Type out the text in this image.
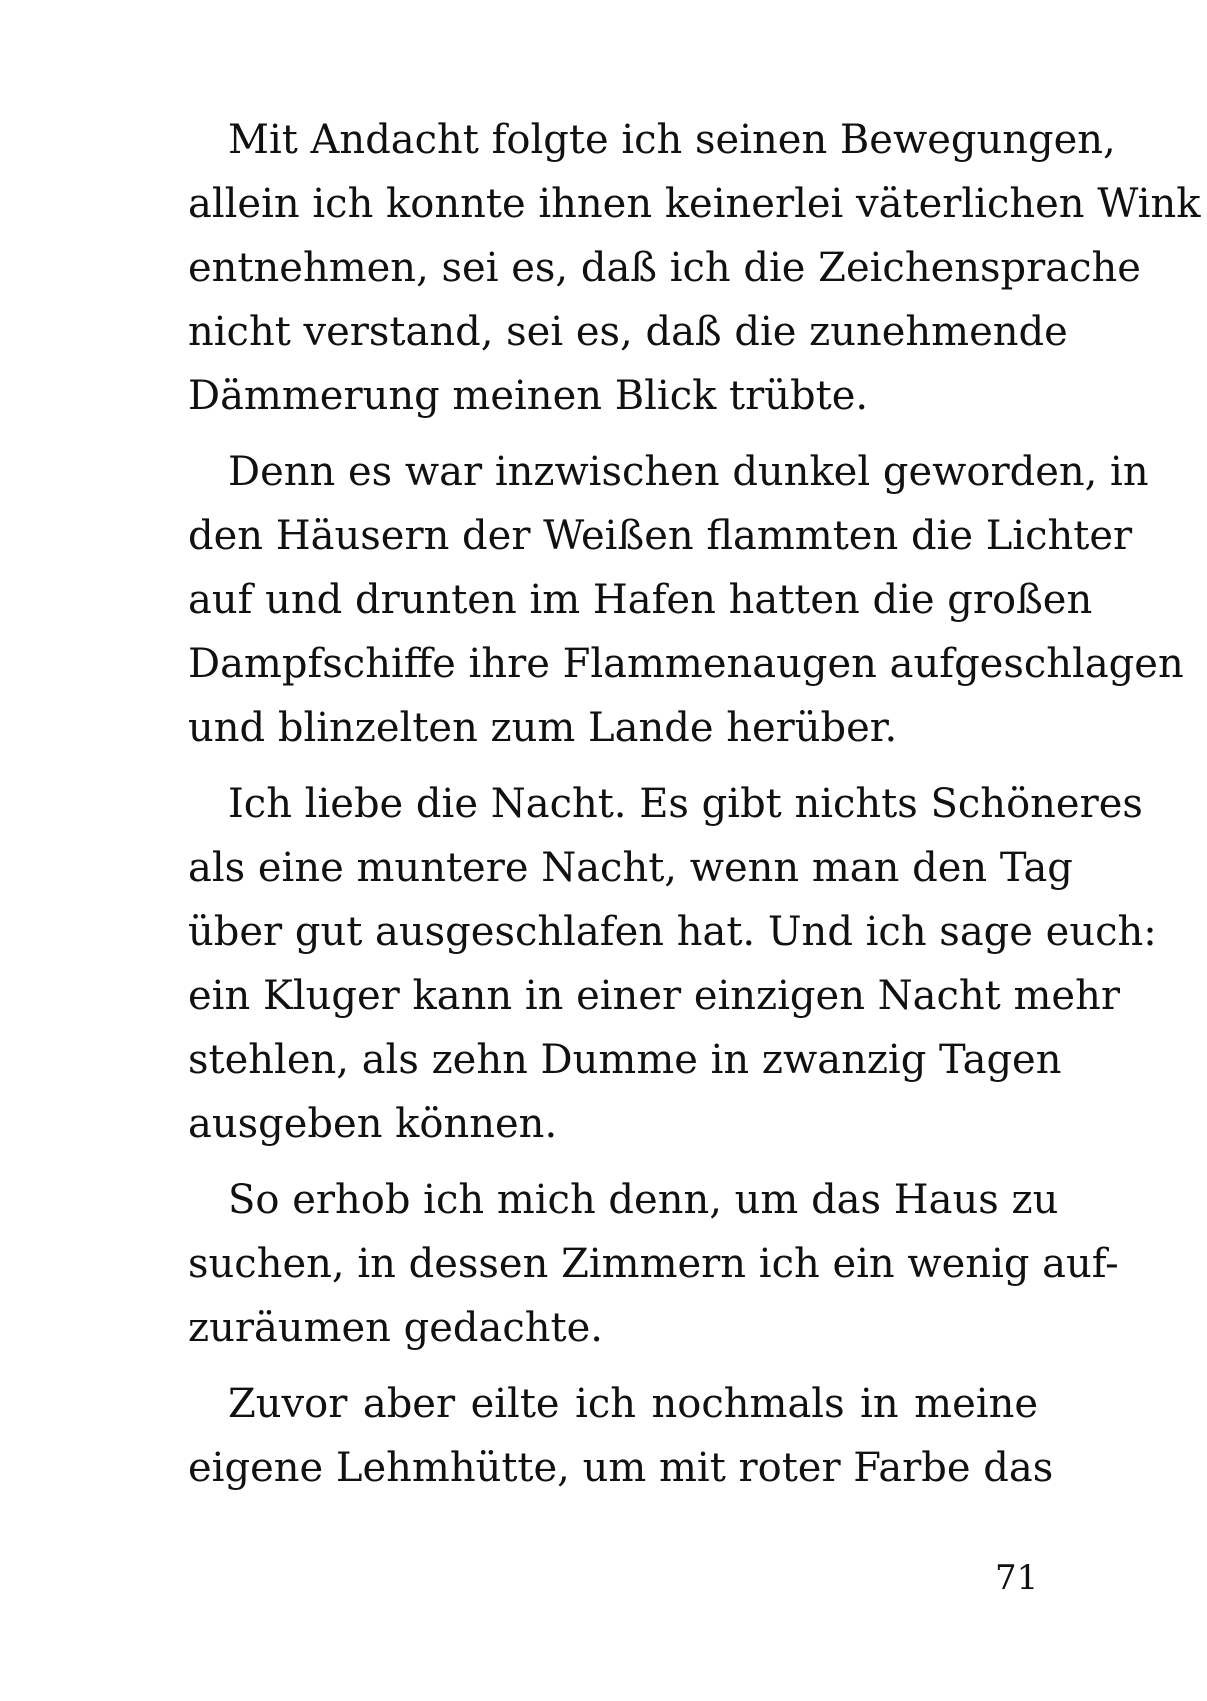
Mit Andacht folgte ich seinen Bewegungen,
allein ich konnte ihnen keinerlei väterlichen Wink
entnehmen, sei es, daß ich die Zeichensprache
nicht verstand, sei es, daß die zunehmende
Dämmerung meinen Blick trübte.
Denn es war inzwischen dunkel geworden, in
den Häusern der Weißen flammten die Lichter
auf und drunten im Hafen hatten die großen
Dampfschiffe ihre Flammenaugen aufgeschlagen
und blinzelten zum Lande herüber.
Ich liebe die Nacht. Es gibt nichts Schöneres
als eine muntere Nacht, wenn man den Tag
über gut ausgeschlafen hat. Und ich sage euch:
ein Kluger kann in einer einzigen Nacht mehr
stehlen, als zehn Dumme in zwanzig Tagen
ausgeben können.
So erhob ich mich denn, um das Haus zu
suchen, in dessen Zimmern ich ein wenig auf-
zuräumen gedachte.
Zuvor aber eilte ich nochmals in meine
eigene Lehmhütte, um mit roter Farbe das
71
